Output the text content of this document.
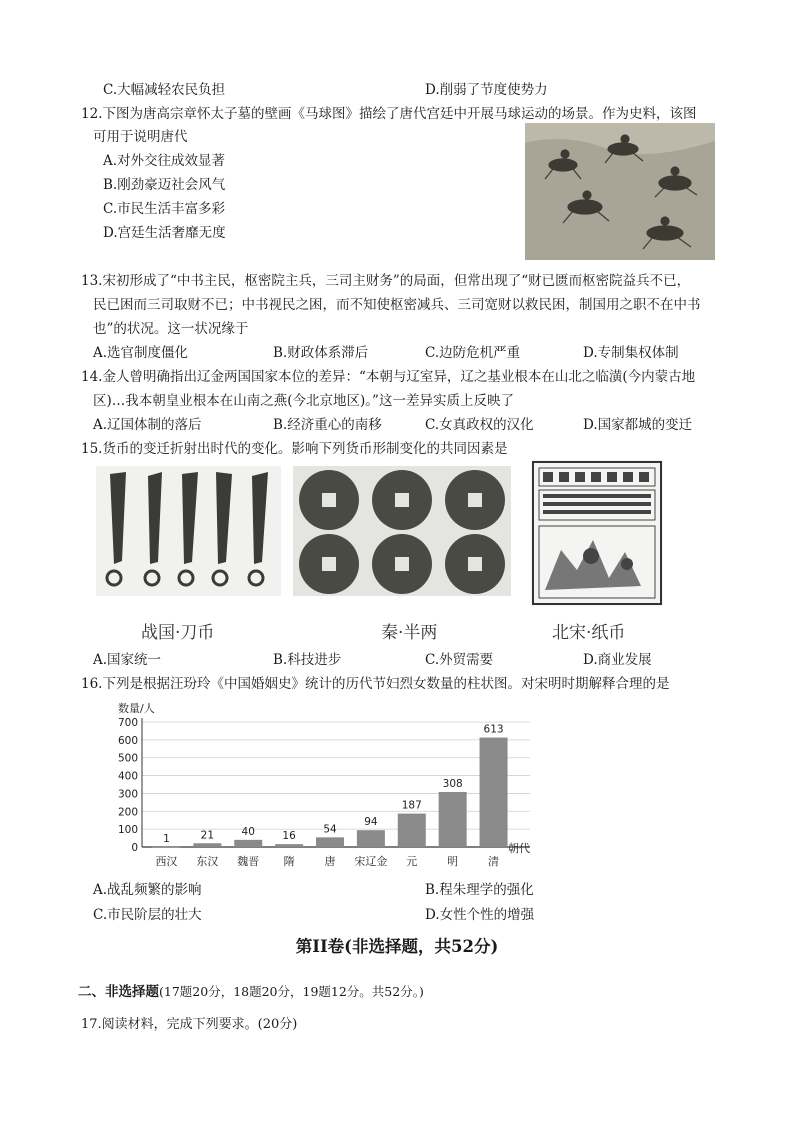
C.大幅减轻农民负担	D.削弱了节度使势力
12.下图为唐高宗章怀太子墓的壁画《马球图》描绘了唐代宫廷中开展马球运动的场景。作为史料，该图
可用于说明唐代
A.对外交往成效显著
B.刚劲豪迈社会风气
C.市民生活丰富多彩
D.宫廷生活奢靡无度
13.宋初形成了“中书主民，枢密院主兵，三司主财务”的局面，但常出现了“财已匮而枢密院益兵不已，
民已困而三司取财不已；中书视民之困，而不知使枢密减兵、三司宽财以救民困，制国用之职不在中书
也”的状况。这一状况缘于
A.选官制度僵化	B.财政体系滞后	C.边防危机严重	D.专制集权体制
14.金人曾明确指出辽金两国国家本位的差异：“本朝与辽室异，辽之基业根本在山北之临潢(今内蒙古地
区)…我本朝皇业根本在山南之燕(今北京地区)。”这一差异实质上反映了
A.辽国体制的落后	B.经济重心的南移	C.女真政权的汉化	D.国家都城的变迁
15.货币的变迁折射出时代的变化。影响下列货币形制变化的共同因素是
战国·刀币	秦·半两	北宋·纸币
A.国家统一	B.科技进步	C.外贸需要	D.商业发展
16.下列是根据汪玢玲《中国婚姻史》统计的历代节妇烈女数量的柱状图。对宋明时期解释合理的是
数量/人
朝代
0
100
200
300
400
500
600
700
1
西汉
21
东汉
40
魏晋
16
隋
54
唐
94
宋辽金
187
元
308
明
613
清
A.战乱频繁的影响	B.程朱理学的强化
C.市民阶层的壮大	D.女性个性的增强
第II卷(非选择题，共52分)
二、非选择题(17题20分，18题20分，19题12分。共52分。)
17.阅读材料，完成下列要求。(20分)
